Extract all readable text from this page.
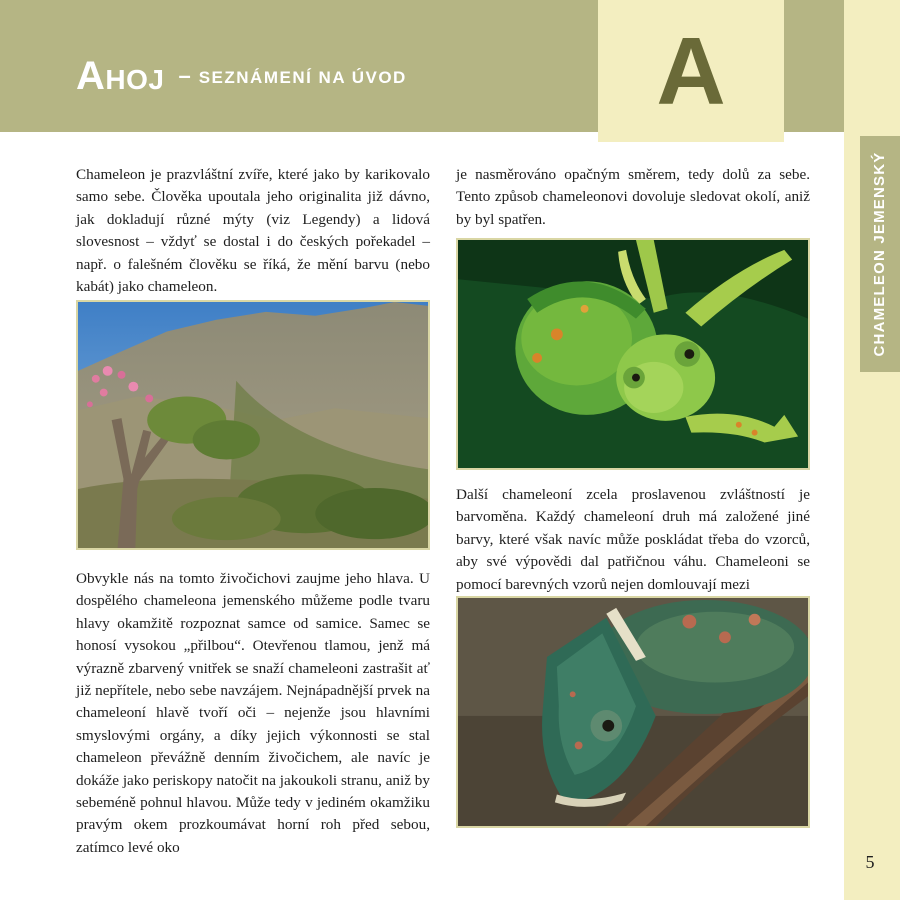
Ahoj – SEZNÁMENÍ NA ÚVOD	A
CHAMELEON JEMENSKÝ

Chameleon je prazvláštní zvíře, které jako by karikovalo samo sebe. Člověka upoutala jeho originalita již dávno, jak dokladují různé mýty (viz Legendy) a lidová slovesnost – vždyť se dostal i do českých pořekadel – např. o falešném člověku se říká, že mění barvu (nebo kabát) jako chameleon.

Obvykle nás na tomto živočichovi zaujme jeho hlava. U dospělého chameleona jemenského můžeme podle tvaru hlavy okamžitě rozpoznat samce od samice. Samec se honosí vysokou „přilbou“. Otevřenou tlamou, jenž má výrazně zbarvený vnitřek se snaží chameleoni zastrašit ať již nepřítele, nebo sebe navzájem. Nejnápadnější prvek na chameleoní hlavě tvoří oči – nejenže jsou hlavními smyslovými orgány, a díky jejich výkonnosti se stal chameleon převážně denním živočichem, ale navíc je dokáže jako periskopy natočit na jakoukoli stranu, aniž by sebeméně pohnul hlavou. Může tedy v jediném okamžiku pravým okem prozkoumávat horní roh před sebou, zatímco levé oko

je nasměrováno opačným směrem, tedy dolů za sebe. Tento způsob chameleonovi dovoluje sledovat okolí, aniž by byl spatřen.

Další chameleoní zcela proslavenou zvláštností je barvoměna. Každý chameleoní druh má založené jiné barvy, které však navíc může poskládat třeba do vzorců, aby své výpovědi dal patřičnou váhu. Chameleoni se pomocí barevných vzorů nejen domlouvají mezi

5
